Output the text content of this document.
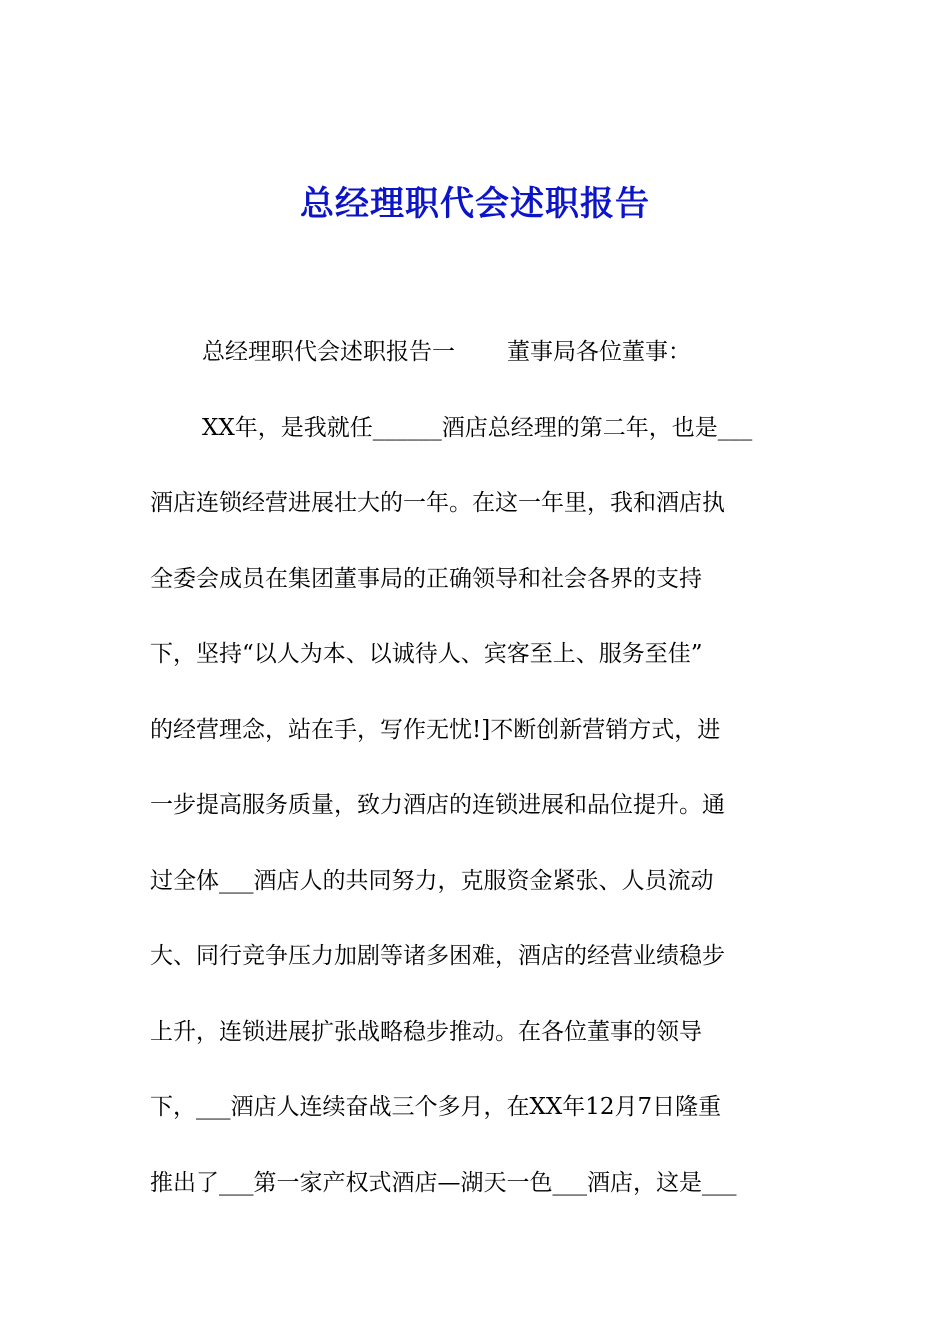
总经理职代会述职报告
总经理职代会述职报告一 董事局各位董事：
XX年，是我就任______酒店总经理的第二年，也是___
酒店连锁经营进展壮大的一年。在这一年里，我和酒店执
全委会成员在集团董事局的正确领导和社会各界的支持
下，坚持“以人为本、以诚待人、宾客至上、服务至佳”
的经营理念，站在手，写作无忧!]不断创新营销方式，进
一步提高服务质量，致力酒店的连锁进展和品位提升。通
过全体___酒店人的共同努力，克服资金紧张、人员流动
大、同行竞争压力加剧等诸多困难，酒店的经营业绩稳步
上升，连锁进展扩张战略稳步推动。在各位董事的领导
下，___酒店人连续奋战三个多月，在XX年12月7日隆重
推出了___第一家产权式酒店—湖天一色___酒店，这是___
